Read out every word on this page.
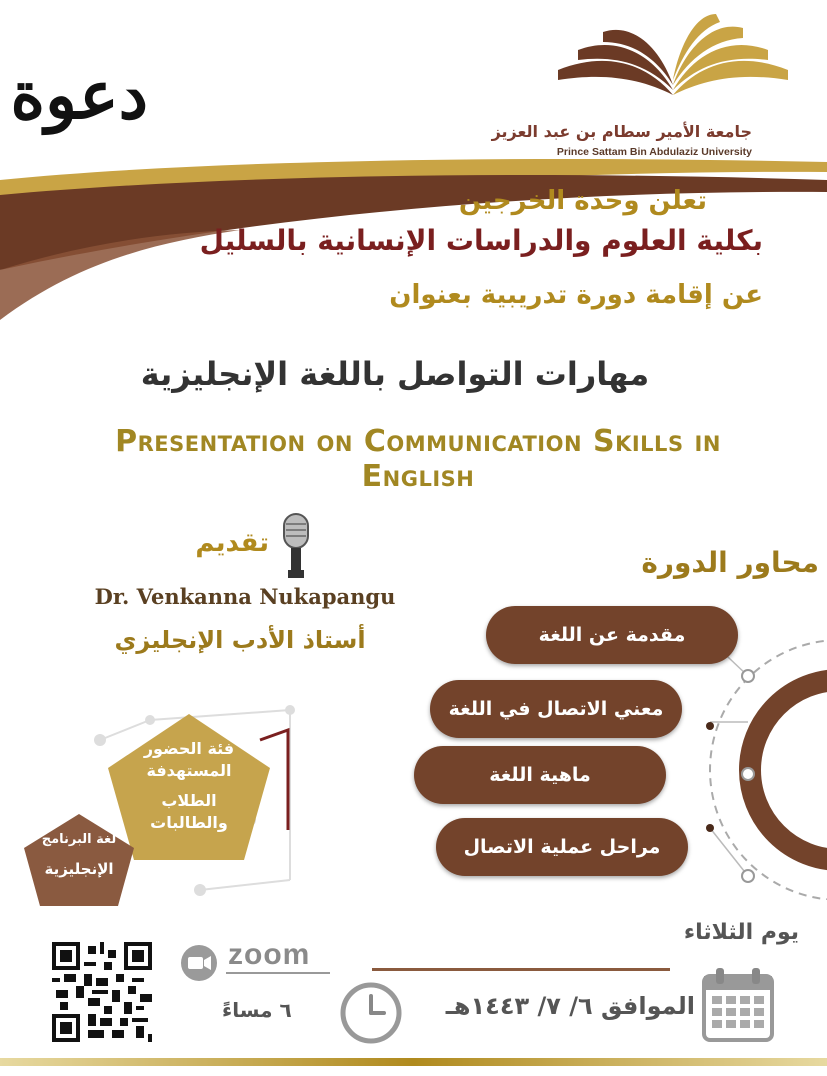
جامعة الأمير سطام بن عبد العزيز
Prince Sattam Bin Abdulaziz University
دعوة
تعلن وحدة الخرجين
بكلية العلوم والدراسات الإنسانية بالسليل
عن إقامة دورة تدريبية بعنوان
مهارات التواصل باللغة الإنجليزية
Presentation on Communication Skills in English
تقديم
Dr. Venkanna Nukapangu
أستاذ الأدب الإنجليزي
محاور الدورة
مقدمة عن اللغة
معني الاتصال في اللغة
ماهية اللغة
مراحل عملية الاتصال
فئة الحضور المستهدفة
الطلاب والطالبات
لغة البرنامج
الإنجليزية
يوم الثلاثاء
الموافق ٦/ ٧/ ١٤٤٣هـ
٦ مساءً
zoom
